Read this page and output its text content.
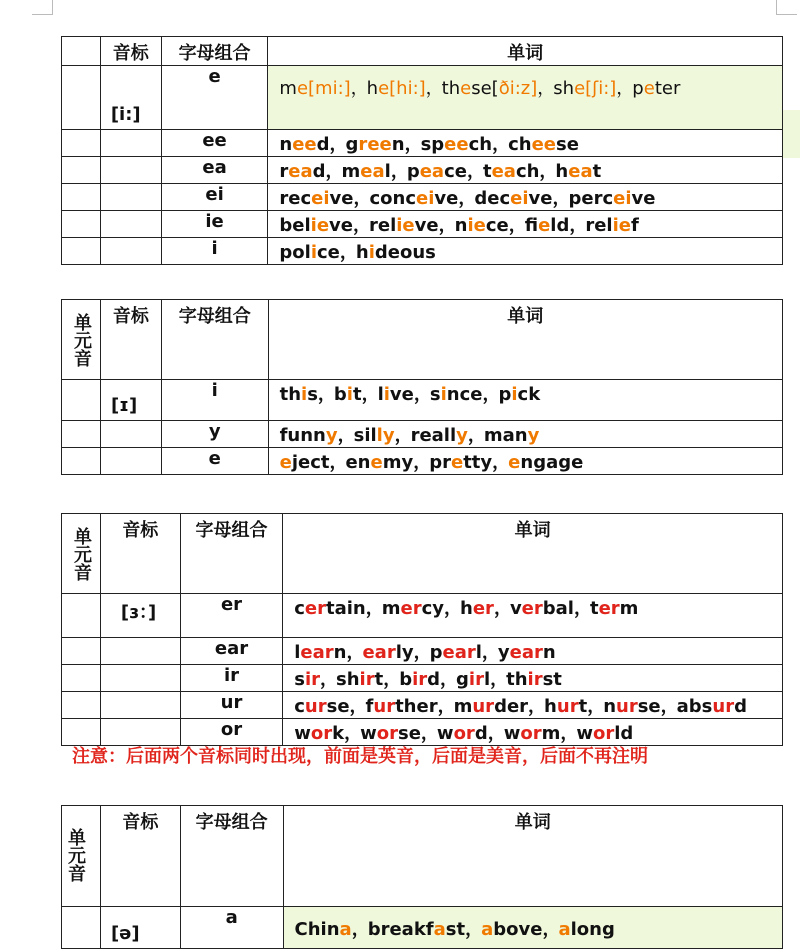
	音标	字母组合	单词
	[i:]	e	me[mi:]，he[hi:]，these[ði:z]，she[ʃi:]，peter
		ee	need，green，speech，cheese
		ea	read，meal，peace，teach，heat
		ei	receive，conceive，deceive，perceive
		ie	believe，relieve，niece，field，relief
		i	police，hideous
单元音	音标	字母组合	单词
	[ɪ]	i	this，bit，live，since，pick
		y	funny，silly，really，many
		e	eject，enemy，pretty，engage
单元音	音标	字母组合	单词
	[ɜ：]	er	certain，mercy，her，verbal，term
		ear	learn，early，pearl，yearn
		ir	sir，shirt，bird，girl，thirst
		ur	curse，further，murder，hurt，nurse，absurd
		or	work，worse，word，worm，world
注意：后面两个音标同时出现，前面是英音，后面是美音，后面不再注明
单元音	音标	字母组合	单词
	[ə]	a	China，breakfast，above，along
